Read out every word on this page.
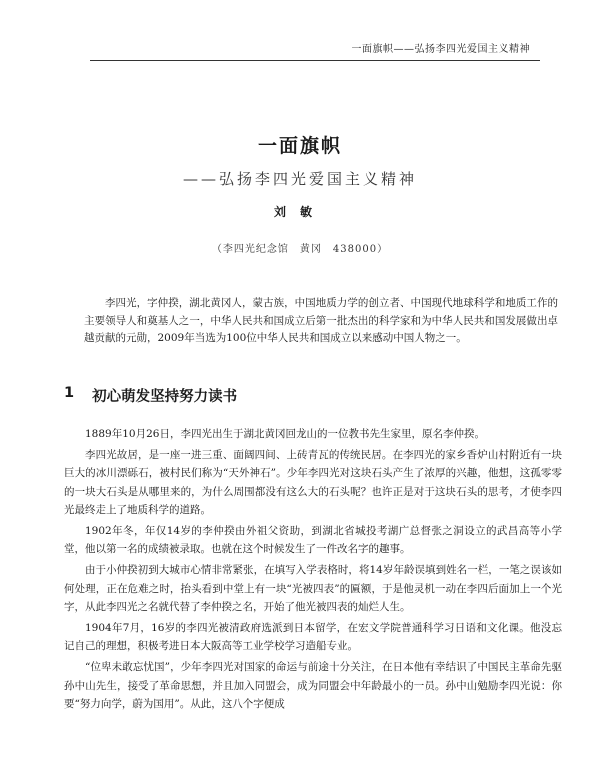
一面旗帜——弘扬李四光爱国主义精神
一面旗帜
——弘扬李四光爱国主义精神
刘敏
（李四光纪念馆　黄冈　438000）

李四光，字仲揆，湖北黄冈人，蒙古族，中国地质力学的创立者、中国现代地球科学和地质工作的主要领导人和奠基人之一，中华人民共和国成立后第一批杰出的科学家和为中华人民共和国发展做出卓越贡献的元勋，2009年当选为100位中华人民共和国成立以来感动中国人物之一。

1 初心萌发坚持努力读书

1889年10月26日，李四光出生于湖北黄冈回龙山的一位教书先生家里，原名李仲揆。

李四光故居，是一座一进三重、面阔四间、上砖青瓦的传统民居。在李四光的家乡香炉山村附近有一块巨大的冰川漂砾石，被村民们称为“天外神石”。少年李四光对这块石头产生了浓厚的兴趣，他想，这孤零零的一块大石头是从哪里来的，为什么周围都没有这么大的石头呢？也许正是对于这块石头的思考，才使李四光最终走上了地质科学的道路。

1902年冬，年仅14岁的李仲揆由外祖父资助，到湖北省城投考湖广总督张之洞设立的武昌高等小学堂，他以第一名的成绩被录取。也就在这个时候发生了一件改名字的趣事。

由于小仲揆初到大城市心情非常紧张，在填写入学表格时，将14岁年龄误填到姓名一栏，一笔之误该如何处理，正在危难之时，抬头看到中堂上有一块“光被四表”的匾额，于是他灵机一动在李四后面加上一个光字，从此李四光之名就代替了李仲揆之名，开始了他光被四表的灿烂人生。

1904年7月，16岁的李四光被清政府选派到日本留学，在宏文学院普通科学习日语和文化课。他没忘记自己的理想，积极考进日本大阪高等工业学校学习造船专业。

“位卑未敢忘忧国”，少年李四光对国家的命运与前途十分关注，在日本他有幸结识了中国民主革命先驱孙中山先生，接受了革命思想，并且加入同盟会，成为同盟会中年龄最小的一员。孙中山勉励李四光说：你要“努力向学，蔚为国用”。从此，这八个字便成
